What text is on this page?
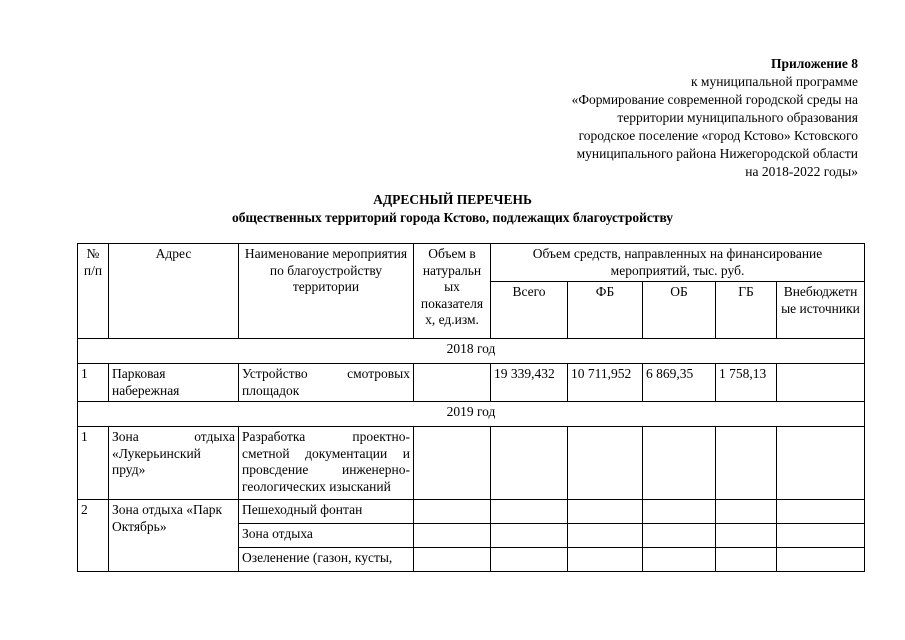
Приложение 8
к муниципальной программе
«Формирование современной городской среды на
территории муниципального образования
городское поселение «город Кстово» Кстовского
муниципального района Нижегородской области
на 2018-2022 годы»
АДРЕСНЫЙ ПЕРЕЧЕНЬ
общественных территорий города Кстово, подлежащих благоустройству
№ п/п	Адрес	Наименование мероприятия по благоустройству территории	Объем в натуральн ых показателя х, ед.изм.	Объем средств, направленных на финансирование мероприятий, тыс. руб.				
				Всего	ФБ	ОБ	ГБ	Внебюджетн ые источники
2018 год								
1	Парковая набережная	Устройство смотровых площадок		19 339,432	10 711,952	6 869,35	1 758,13	
2019 год								
1	Зона отдыха «Лукерьинский пруд»	Разработка проектно-сметной документации и провсдение инженерно-геологических изысканий						
2	Зона отдыха «Парк Октябрь»	Пешеходный фонтан						
		Зона отдыха						
		Озеленение (газон, кусты,						
